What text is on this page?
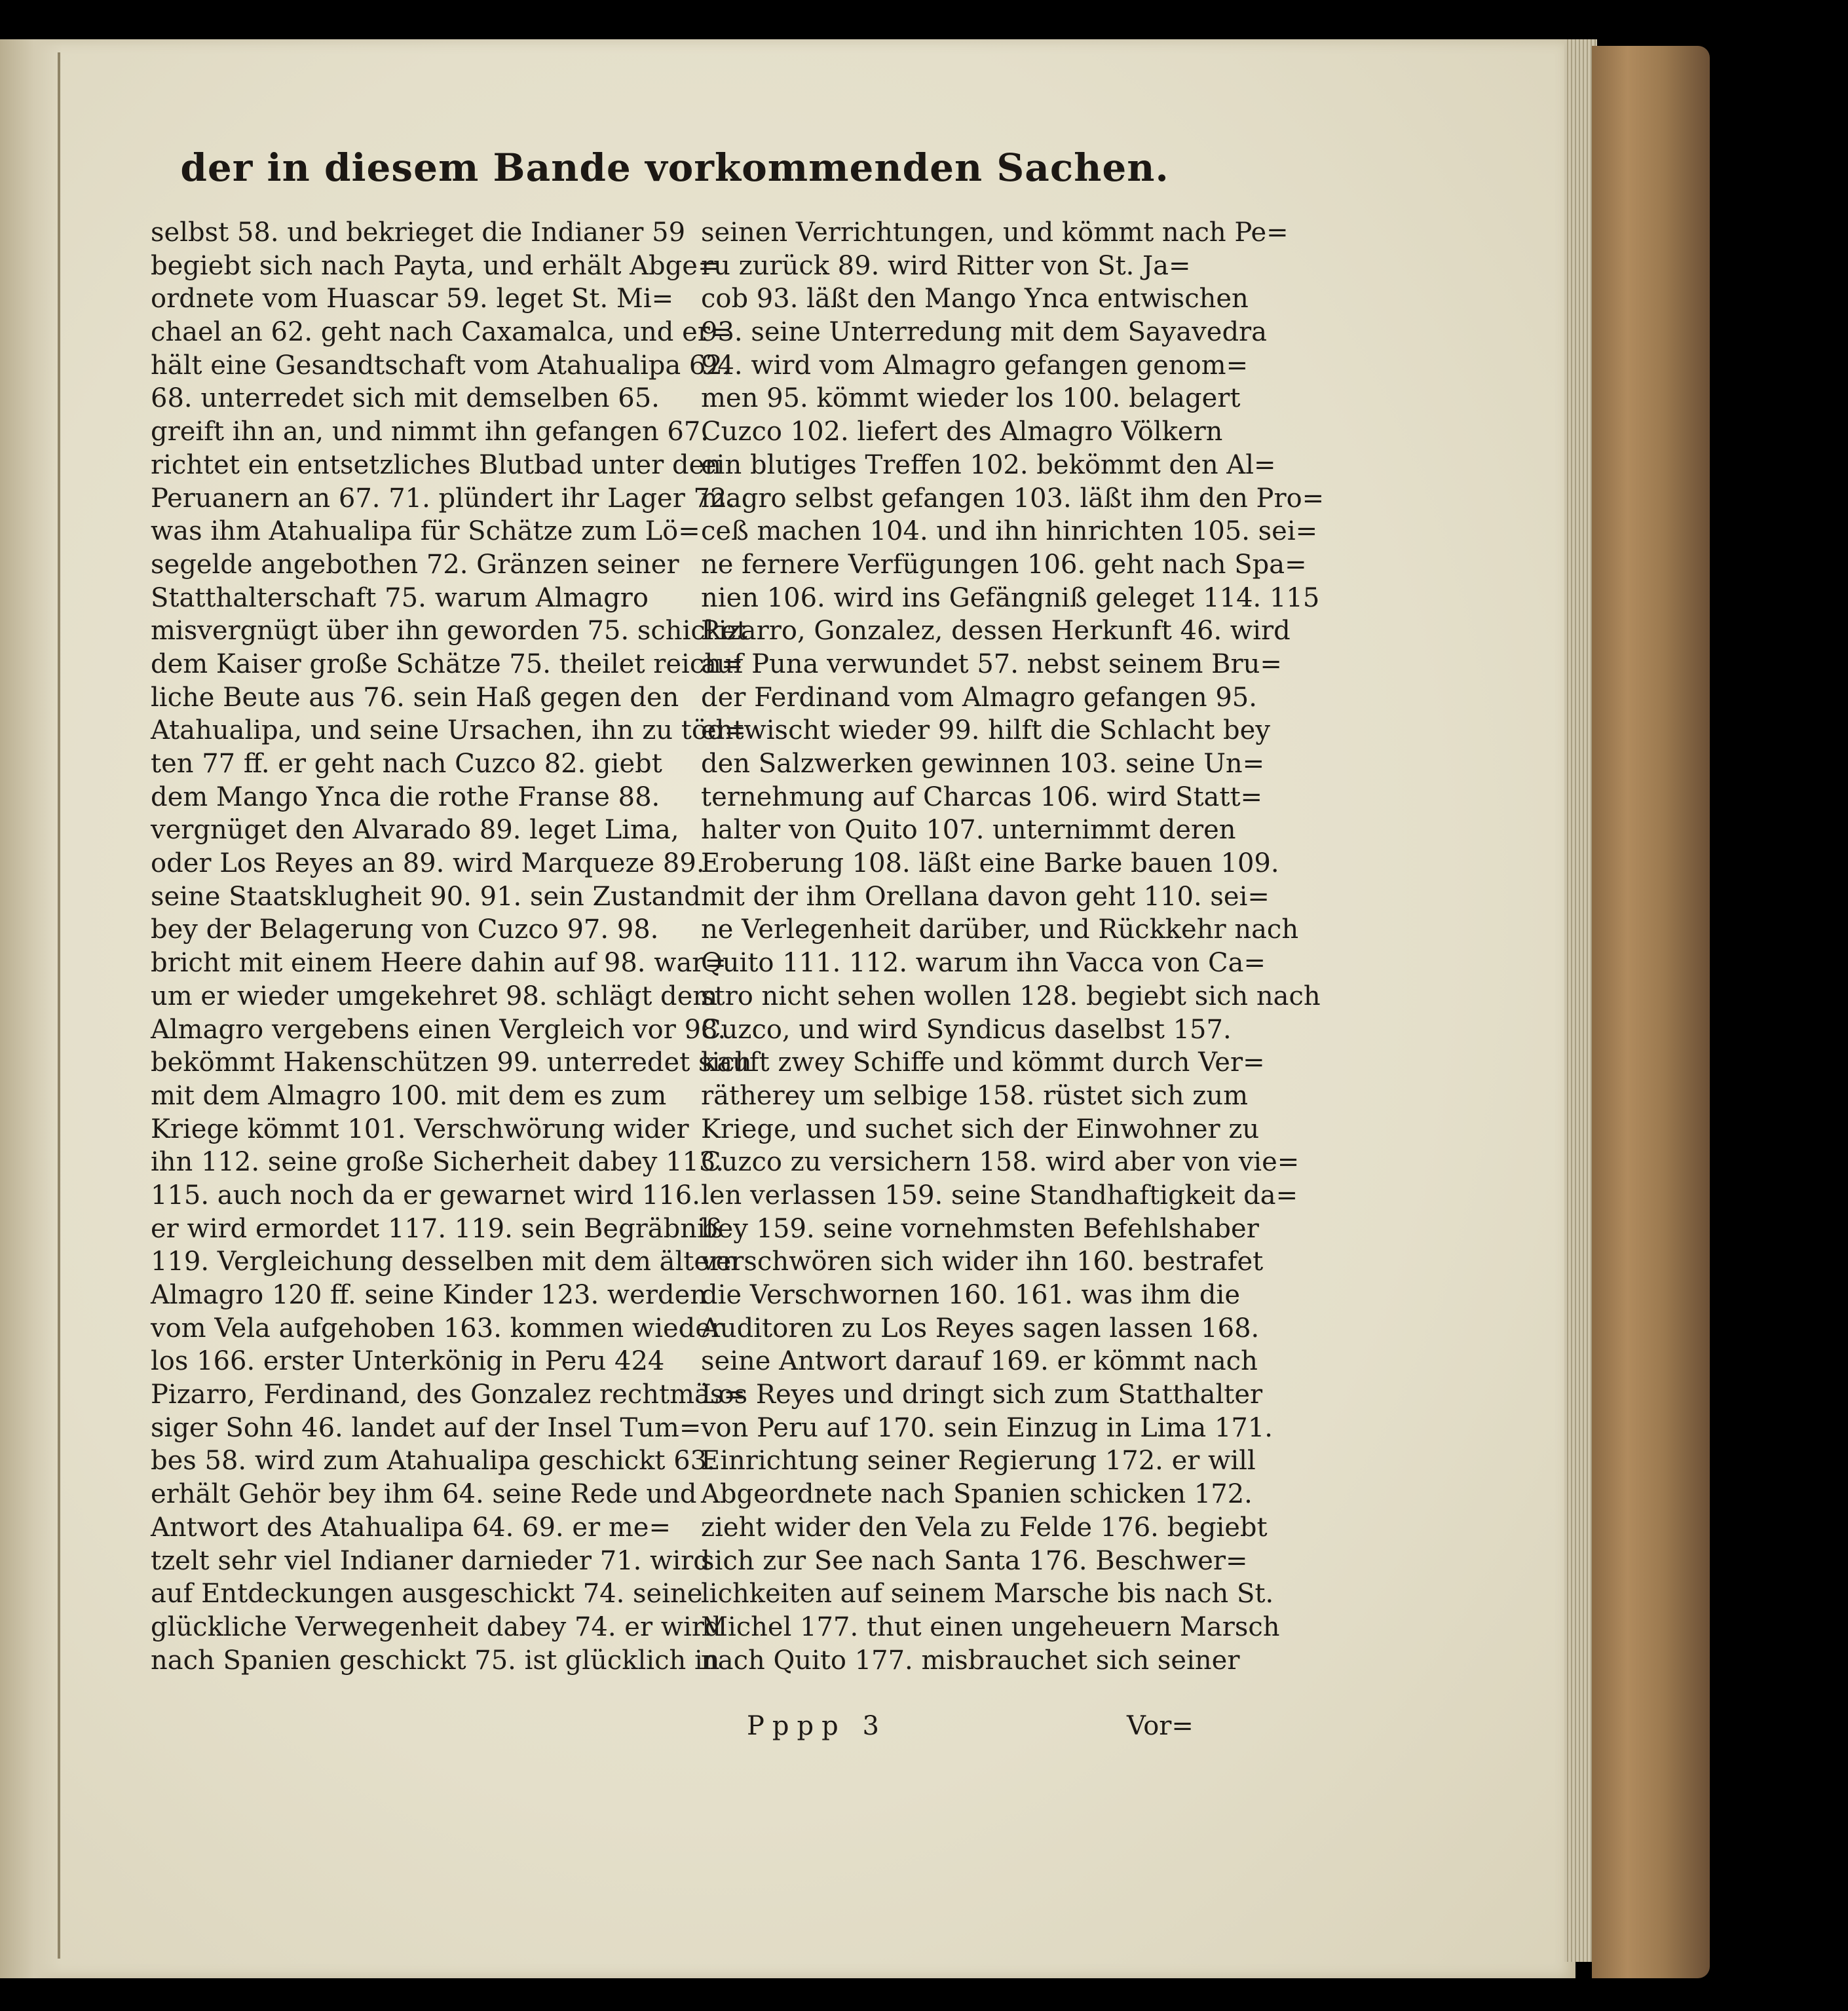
der in diesem Bande vorkommenden Sachen.
selbst 58. und bekrieget die Indianer 59
begiebt sich nach Payta, und erhält Abge=
ordnete vom Huascar 59. leget St. Mi=
chael an 62. geht nach Caxamalca, und er=
hält eine Gesandtschaft vom Atahualipa 62.
68. unterredet sich mit demselben 65.
greift ihn an, und nimmt ihn gefangen 67.
richtet ein entsetzliches Blutbad unter den
Peruanern an 67. 71. plündert ihr Lager 72.
was ihm Atahualipa für Schätze zum Lö=
segelde angebothen 72. Gränzen seiner
Statthalterschaft 75. warum Almagro
misvergnügt über ihn geworden 75. schicket
dem Kaiser große Schätze 75. theilet reich=
liche Beute aus 76. sein Haß gegen den
Atahualipa, und seine Ursachen, ihn zu töd=
ten 77 ff. er geht nach Cuzco 82. giebt
dem Mango Ynca die rothe Franse 88.
vergnüget den Alvarado 89. leget Lima,
oder Los Reyes an 89. wird Marqueze 89.
seine Staatsklugheit 90. 91. sein Zustand
bey der Belagerung von Cuzco 97. 98.
bricht mit einem Heere dahin auf 98. war=
um er wieder umgekehret 98. schlägt dem
Almagro vergebens einen Vergleich vor 98.
bekömmt Hakenschützen 99. unterredet sich
mit dem Almagro 100. mit dem es zum
Kriege kömmt 101. Verschwörung wider
ihn 112. seine große Sicherheit dabey 113.
115. auch noch da er gewarnet wird 116.
er wird ermordet 117. 119. sein Begräbniß
119. Vergleichung desselben mit dem ältern
Almagro 120 ff. seine Kinder 123. werden
vom Vela aufgehoben 163. kommen wieder
los 166. erster Unterkönig in Peru 424
Pizarro, Ferdinand, des Gonzalez rechtmäs=
siger Sohn 46. landet auf der Insel Tum=
bes 58. wird zum Atahualipa geschickt 63.
erhält Gehör bey ihm 64. seine Rede und
Antwort des Atahualipa 64. 69. er me=
tzelt sehr viel Indianer darnieder 71. wird
auf Entdeckungen ausgeschickt 74. seine
glückliche Verwegenheit dabey 74. er wird
nach Spanien geschickt 75. ist glücklich in
seinen Verrichtungen, und kömmt nach Pe=
ru zurück 89. wird Ritter von St. Ja=
cob 93. läßt den Mango Ynca entwischen
93. seine Unterredung mit dem Sayavedra
94. wird vom Almagro gefangen genom=
men 95. kömmt wieder los 100. belagert
Cuzco 102. liefert des Almagro Völkern
ein blutiges Treffen 102. bekömmt den Al=
magro selbst gefangen 103. läßt ihm den Pro=
ceß machen 104. und ihn hinrichten 105. sei=
ne fernere Verfügungen 106. geht nach Spa=
nien 106. wird ins Gefängniß geleget 114. 115
Pizarro, Gonzalez, dessen Herkunft 46. wird
auf Puna verwundet 57. nebst seinem Bru=
der Ferdinand vom Almagro gefangen 95.
entwischt wieder 99. hilft die Schlacht bey
den Salzwerken gewinnen 103. seine Un=
ternehmung auf Charcas 106. wird Statt=
halter von Quito 107. unternimmt deren
Eroberung 108. läßt eine Barke bauen 109.
mit der ihm Orellana davon geht 110. sei=
ne Verlegenheit darüber, und Rückkehr nach
Quito 111. 112. warum ihn Vacca von Ca=
stro nicht sehen wollen 128. begiebt sich nach
Cuzco, und wird Syndicus daselbst 157.
kauft zwey Schiffe und kömmt durch Ver=
rätherey um selbige 158. rüstet sich zum
Kriege, und suchet sich der Einwohner zu
Cuzco zu versichern 158. wird aber von vie=
len verlassen 159. seine Standhaftigkeit da=
bey 159. seine vornehmsten Befehlshaber
verschwören sich wider ihn 160. bestrafet
die Verschwornen 160. 161. was ihm die
Auditoren zu Los Reyes sagen lassen 168.
seine Antwort darauf 169. er kömmt nach
Los Reyes und dringt sich zum Statthalter
von Peru auf 170. sein Einzug in Lima 171.
Einrichtung seiner Regierung 172. er will
Abgeordnete nach Spanien schicken 172.
zieht wider den Vela zu Felde 176. begiebt
sich zur See nach Santa 176. Beschwer=
lichkeiten auf seinem Marsche bis nach St.
Michel 177. thut einen ungeheuern Marsch
nach Quito 177. misbrauchet sich seiner
Pppp 3	Vor=
